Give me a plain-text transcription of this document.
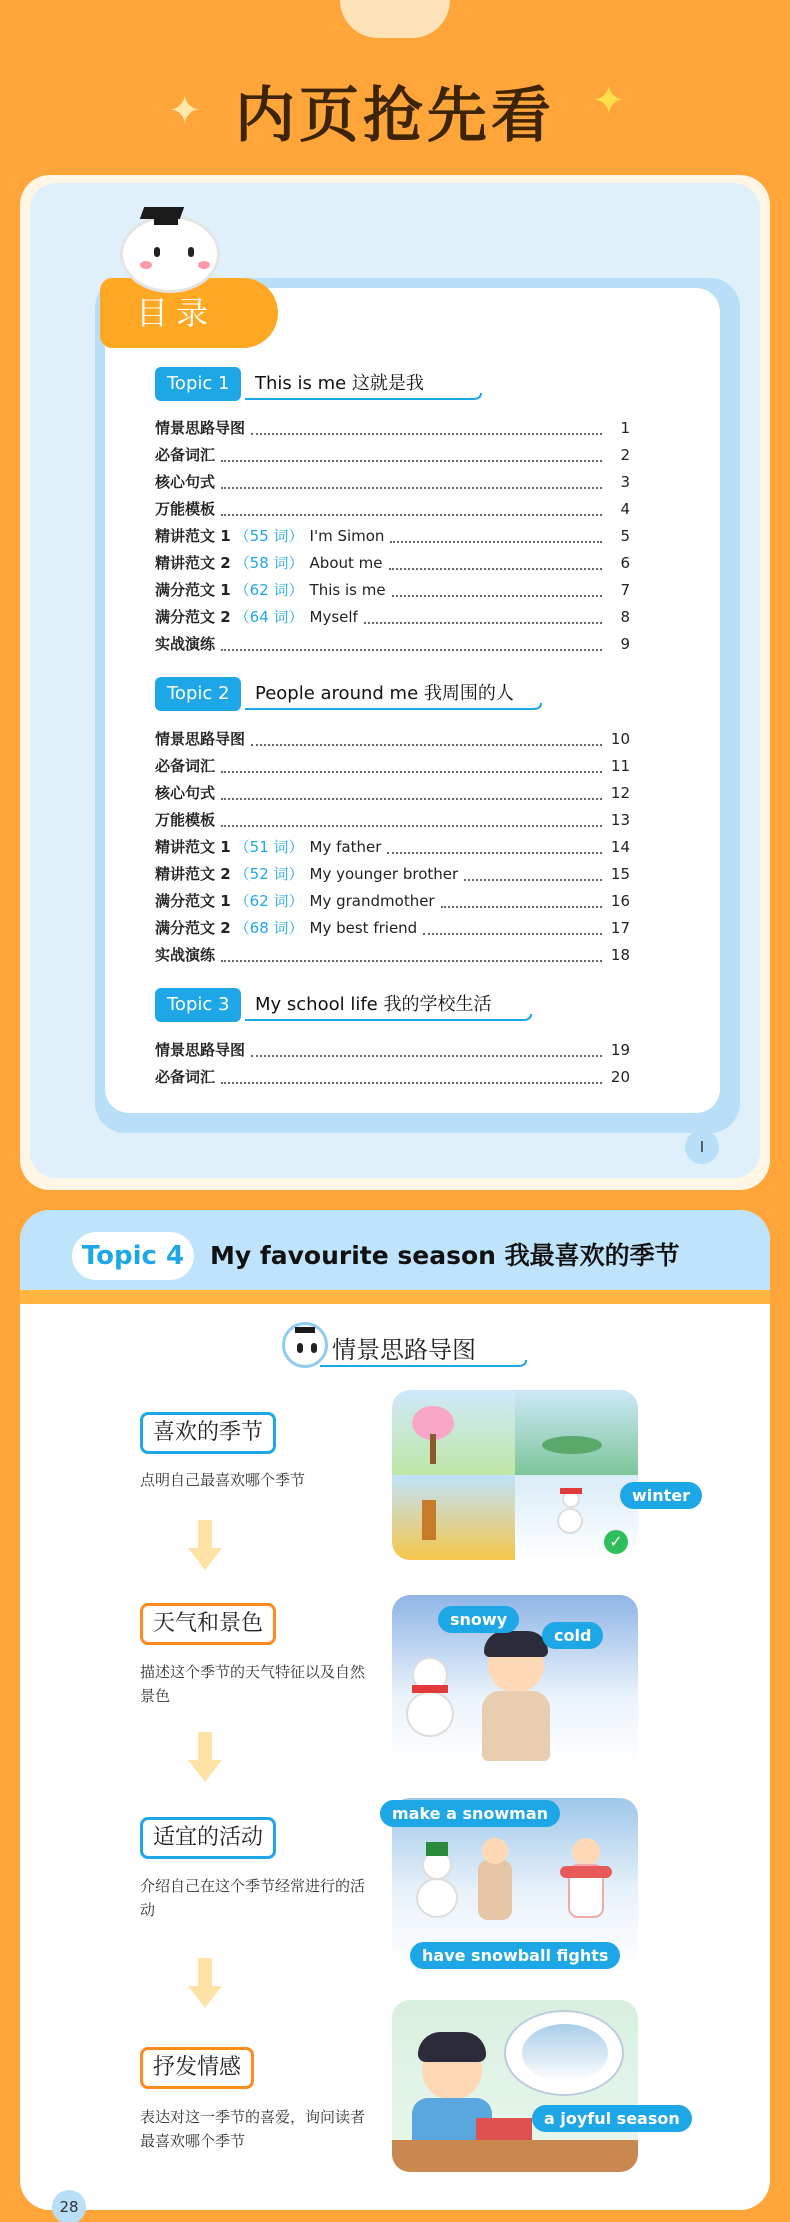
✦ 内页抢先看 ✦
目录
Topic 1	This is me 这就是我
情景思路导图	1
必备词汇	2
核心句式	3
万能模板	4
精讲范文 1 （55 词） I'm Simon	5
精讲范文 2 （58 词） About me	6
满分范文 1 （62 词） This is me	7
满分范文 2 （64 词） Myself	8
实战演练	9
Topic 2	People around me 我周围的人
情景思路导图	10
必备词汇	11
核心句式	12
万能模板	13
精讲范文 1 （51 词） My father	14
精讲范文 2 （52 词） My younger brother	15
满分范文 1 （62 词） My grandmother	16
满分范文 2 （68 词） My best friend	17
实战演练	18
Topic 3	My school life 我的学校生活
情景思路导图	19
必备词汇	20
I
Topic 4	My favourite season 我最喜欢的季节
情景思路导图
喜欢的季节
点明自己最喜欢哪个季节
✓
winter
天气和景色
描述这个季节的天气特征以及自然景色
snowy
cold
适宜的活动
介绍自己在这个季节经常进行的活动
make a snowman
have snowball fights
抒发情感
表达对这一季节的喜爱，询问读者最喜欢哪个季节
a joyful season
28
